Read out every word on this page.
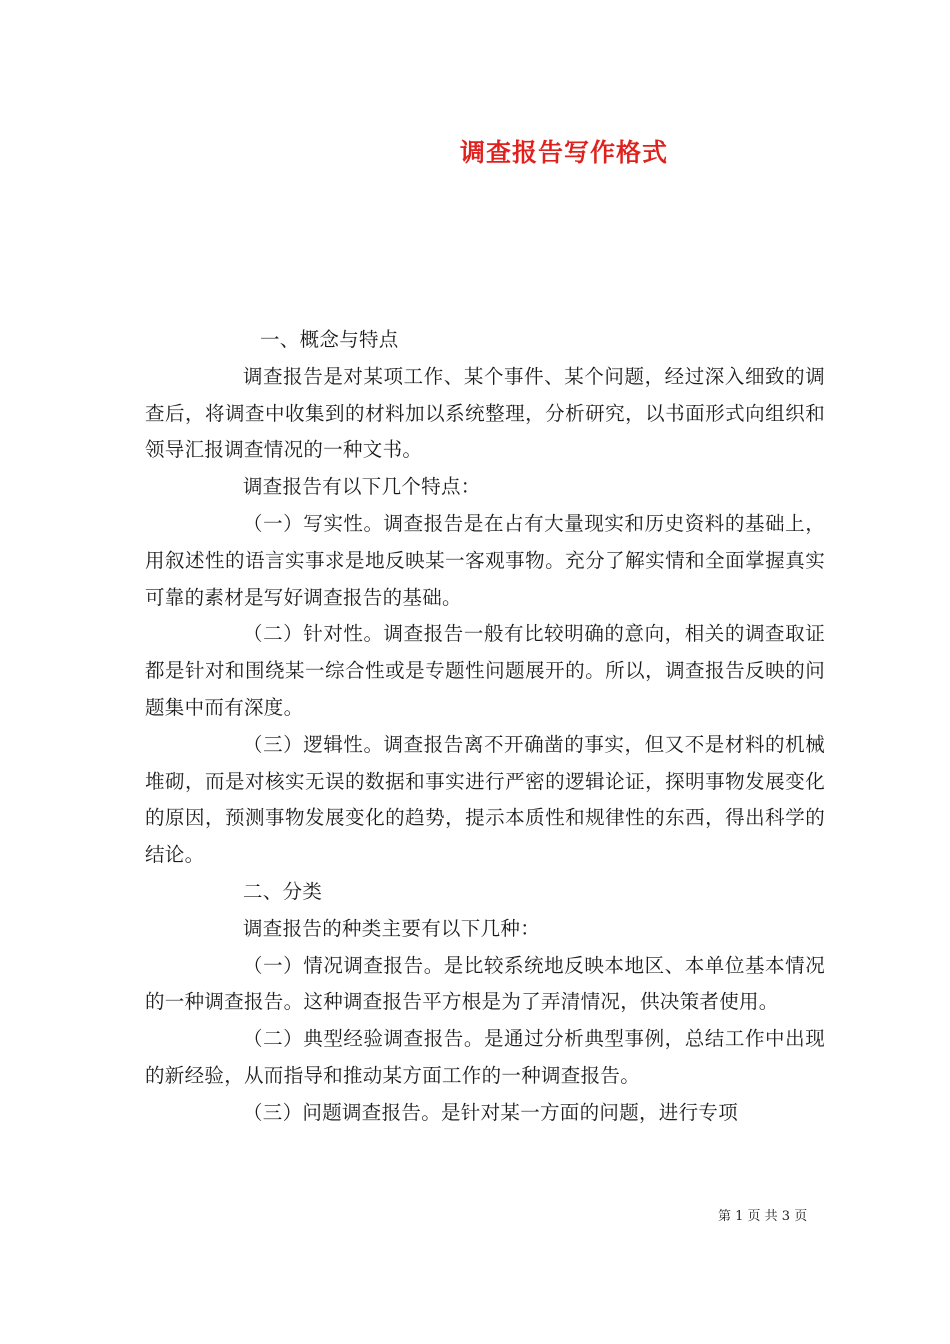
调查报告写作格式

一、概念与特点

调查报告是对某项工作、某个事件、某个问题，经过深入细致的调查后，将调查中收集到的材料加以系统整理，分析研究，以书面形式向组织和领导汇报调查情况的一种文书。

调查报告有以下几个特点：

（一）写实性。调查报告是在占有大量现实和历史资料的基础上，用叙述性的语言实事求是地反映某一客观事物。充分了解实情和全面掌握真实可靠的素材是写好调查报告的基础。

（二）针对性。调查报告一般有比较明确的意向，相关的调查取证都是针对和围绕某一综合性或是专题性问题展开的。所以，调查报告反映的问题集中而有深度。

（三）逻辑性。调查报告离不开确凿的事实，但又不是材料的机械堆砌，而是对核实无误的数据和事实进行严密的逻辑论证，探明事物发展变化的原因，预测事物发展变化的趋势，提示本质性和规律性的东西，得出科学的结论。

二、分类

调查报告的种类主要有以下几种：

（一）情况调查报告。是比较系统地反映本地区、本单位基本情况的一种调查报告。这种调查报告平方根是为了弄清情况，供决策者使用。

（二）典型经验调查报告。是通过分析典型事例，总结工作中出现的新经验，从而指导和推动某方面工作的一种调查报告。

（三）问题调查报告。是针对某一方面的问题，进行专项

第 1 页 共 3 页
